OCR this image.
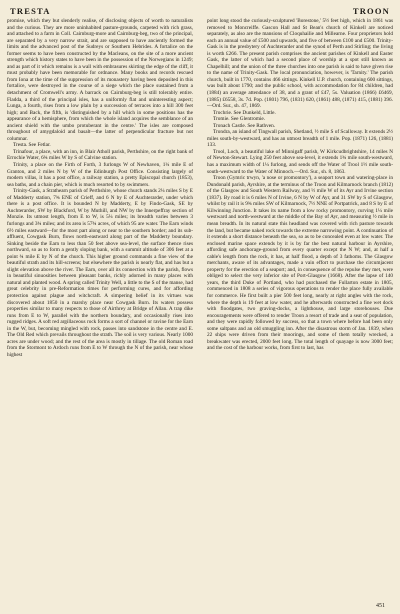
TRESTA	TROON

promise, which they but slenderly realise, of disclosing objects of worth to naturalists and the curious. They are more uninhabited pasture-grounds, carpeted with rich grass, and attached to a farm in Coll. Cairnburg-more and Cairnburg-beg, two of the principal, are separated by a very narrow strait, and are supposed to have anciently formed the limits and the advanced post of the Sudreys or Southern Hebrides. A fortalice on the former seems to have been constructed by the Macleans, on the site of a more ancient strength which history states to have been in the possession of the Norwegians in 1249; and as part of it which remains is a wall with embrasures skirting the edge of the cliff, it must probably have been memorable for ordnance. Many books and records rescued from Iona at the time of the suppression of its monastery having been deposited in this fortalice, were destroyed in the course of a siege which the place sustained from a detachment of Cromwell's army. A barrack on Cairnburg-beg is still tolerably entire. Fladda, a third of the principal isles, has a uniformly flat and uninteresting aspect; Lunga, a fourth, rises from a low plain by a succession of terraces into a hill 300 feet high; and Back, the fifth, is 'distinguished by a hill which in some positions has the appearance of a hemisphere, from which the whole island acquires the semblance of an ancient shield with the umbo protuberant in the centre.' The isles are composed throughout of amygdaloid and basalt—the latter of perpendicular fracture but not columnar.

Tresta. See Fetlar.

Trinafour, a place, with an inn, in Blair Atholl parish, Perthshire, on the right bank of Errochie Water, 6¾ miles W by S of Calvine station.

Trinity, a place on the Firth of Forth, 3 furlongs W of Newhaven, 1¼ mile E of Granton, and 2 miles N by W of the Edinburgh Post Office. Consisting largely of modern villas, it has a post office, a railway station, a pretty Episcopal church (1853), sea baths, and a chain pier, which is much resorted to by swimmers.

Trinity-Gask, a Strathearn parish of Perthshire, whose church stands 2¼ miles S by E of Madderty station, 7¾ ENE of Crieff, and 6 N by E of Auchterarder, under which there is a post office. It is bounded N by Madderty, E by Findo-Gask, SE by Auchterarder, SW by Blackford, W by Muthill, and NW by the Innerpeffray section of Monzie. Its utmost length, from E to W, is 5¼ miles; its breadth varies between 3 furlongs and 3¾ miles; and its area is 57¾ acres, of which 95 are water. The Earn winds 6½ miles eastward—for the most part along or near to the southern border; and its sub-affluent, Cowgask Burn, flows north-eastward along part of the Madderty boundary. Sinking beside the Earn to less than 50 feet above sea-level, the surface thence rises northward, so as to form a gently sloping bank, with a summit altitude of 306 feet at a point ¾ mile E by N of the church. This higher ground commands a fine view of the beautiful strath and its hill-screens; but elsewhere the parish is nearly flat, and has but a slight elevation above the river. The Earn, over all its connection with the parish, flows in beautiful sinuosities between pleasant banks, richly adorned in many places with natural and planted wood. A spring called Trinity Well, a little to the S of the manse, had great celebrity in pre-Reformation times for performing cures, and for affording protection against plague and witchcraft. A simpering belief in its virtues was discovered about 1850 in a marshy place near Cowgask Burn. Its waters possess properties similar to many respects to those of Airthrey at Bridge of Allan. A trap dike runs from E to W, parallel with the northern boundary, and occasionally rises into rugged ridges. A soft red argillaceous rock forms a sort of channel or ravine for the Earn in the W, but, becoming mingled with rock, passes into sandstone in the centre and E. The Old Red which prevails throughout the strath. The soil is very various. Nearly 1000 acres are under wood; and the rest of the area is mostly in tillage. The old Roman road from the Stormont to Ardoch runs from E to W through the N of the parish, near whose highest

point long stood the curiously-sculptured 'Borestone,' 5½ feet high, which in 1861 was removed to Moncreiffe. Gascon Hall and St Bean's church of Kinkell are noticed separately, as also are the mansions of Cloquhailie and Millearne. Four proprietors hold each an annual value of £500 and upwards, and five of between £100 and £500. Trinity-Gask is in the presbytery of Auchterarder and the synod of Perth and Stirling; the living is worth £266. The present parish comprises the ancient parishes of Kinkell and Easter Gask, the latter of which had a second place of worship at a spot still known as Chapelhill; and the union of the three churches into one parish is said to have given rise to the name of Trinity-Gask. The local pronunciation, however, is 'Tarnity.' The parish church, built in 1770, contains 466 sittings. Kinkell U.P. church, containing 600 sittings, was built about 1790; and the public school, with accommodation for 84 children, had (1884) an average attendance of 38, and a grant of £47, 5s. Valuation (1866) £6469, (1885) £6558, 3s. 7d. Pop. (1801) 796, (1831) 620, (1861) 488, (1871) 415, (1881) 396.—Ord. Sur., sh. 47, 1869.

Trochrie. See Dunkeld, Little.

Tromie. See Glentromie.

Tronach Castle. See Rathven.

Trondra, an island of Tingwall parish, Shetland, ½ mile S of Scalloway. It extends 2½ miles south-by-westward, and has an utmost breadth of 1 mile. Pop. (1871) 126, (1881) 133.

Trool, Loch, a beautiful lake of Minnigaff parish, W Kirkcudbrightshire, 14 miles N of Newton-Stewart. Lying 250 feet above sea-level, it extends 1¾ mile south-westward, has a maximum width of 1¼ furlong, and sends off the Water of Trool 1½ mile south-south-westward to the Water of Minnoch.—Ord. Sur., sh. 8, 1863.

Troon (Gymric trwyn, 'a nose or promontory'), a seaport town and watering-place in Dundonald parish, Ayrshire, at the terminus of the Troon and Kilmarnock branch (1812) of the Glasgow and South Western Railway, and ½ mile W of its Ayr and Irvine section (1837). By road it is 6 miles N of Irvine, 6 N by W of Ayr, and 31 SW by S of Glasgow, whilst by rail it is 9¾ miles SW of Kilmarnock, 7½ NNE of Portpatrick, and 8 S by E of Kilwinning Junction. It takes its name from a low rocky promontory, curving 1¼ mile westward and north-westward at the middle of the Bay of Ayr, and measuring ½ mile in mean breadth. In its natural state this headland was covered with rich pasture towards the land, but became naked rock towards the extreme narrowing point. A continuation of it extends a short distance beneath the sea, so as to be concealed even at low water. The enclosed marine space extends by it is by far the best natural harbour in Ayrshire, affording safe anchorage-ground from every quarter except the N W; and, at half a cable's length from the rock, it has, at half flood, a depth of 3 fathoms. The Glasgow merchants, aware of its advantages, made a vain effort to purchase the circumjacent property for the erection of a seaport; and, in consequence of the repulse they met, were obliged to select the very inferior site of Port-Glasgow (1668). After the lapse of 140 years, the third Duke of Portland, who had purchased the Fullarton estate in 1805, commenced in 1808 a series of vigorous operations to render the place fully available for commerce. He first built a pier 500 feet long, nearly at right angles with the rock, where the depth is 19 feet at low water, and he afterwards constructed a fine wet dock with floodgates, two graving-docks, a lighthouse, and large storehouses. Due encouragements were offered to render Troon a resort of trade and a seat of population, and they were rapidly followed by success, so that a town where before had been only some saltpans and an old smuggling inn. After the disastrous storm of Jan. 1839, when 22 ships were driven from their moorings, and some of them totally wrecked, a breakwater was erected, 2000 feet long. The total length of quayage is now 3000 feet; and the cost of the harbour works, from first to last, has

451
